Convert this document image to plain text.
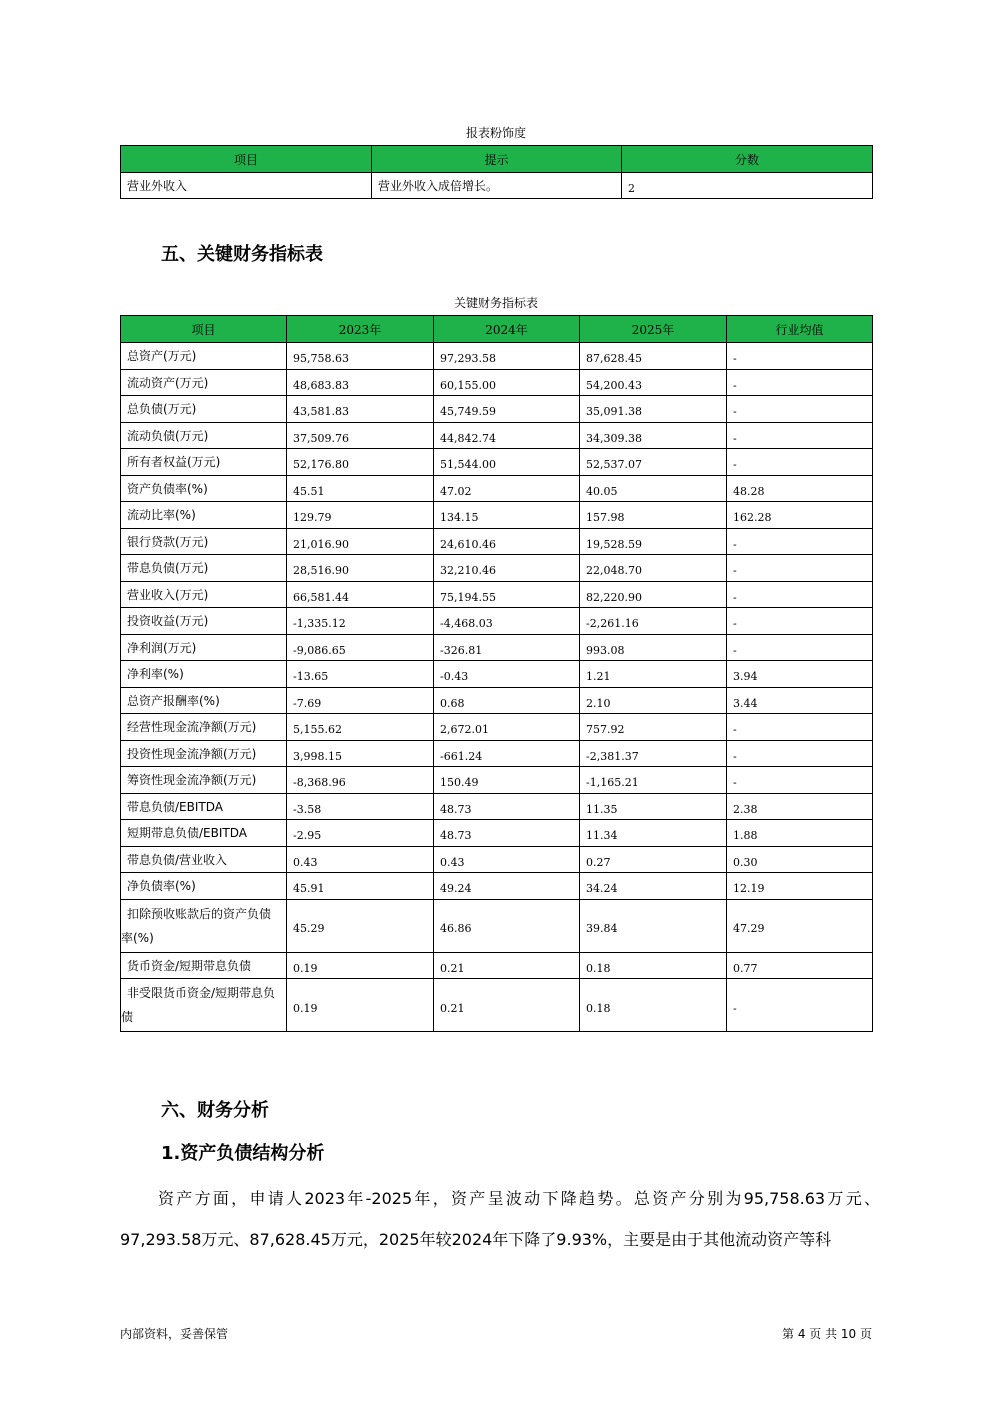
报表粉饰度
项目	提示	分数
营业外收入	营业外收入成倍增长。	2
五、关键财务指标表
关键财务指标表
项目	2023年	2024年	2025年	行业均值
总资产(万元)	95,758.63	97,293.58	87,628.45	-
流动资产(万元)	48,683.83	60,155.00	54,200.43	-
总负债(万元)	43,581.83	45,749.59	35,091.38	-
流动负债(万元)	37,509.76	44,842.74	34,309.38	-
所有者权益(万元)	52,176.80	51,544.00	52,537.07	-
资产负债率(%)	45.51	47.02	40.05	48.28
流动比率(%)	129.79	134.15	157.98	162.28
银行贷款(万元)	21,016.90	24,610.46	19,528.59	-
带息负债(万元)	28,516.90	32,210.46	22,048.70	-
营业收入(万元)	66,581.44	75,194.55	82,220.90	-
投资收益(万元)	-1,335.12	-4,468.03	-2,261.16	-
净利润(万元)	-9,086.65	-326.81	993.08	-
净利率(%)	-13.65	-0.43	1.21	3.94
总资产报酬率(%)	-7.69	0.68	2.10	3.44
经营性现金流净额(万元)	5,155.62	2,672.01	757.92	-
投资性现金流净额(万元)	3,998.15	-661.24	-2,381.37	-
筹资性现金流净额(万元)	-8,368.96	150.49	-1,165.21	-
带息负债/EBITDA	-3.58	48.73	11.35	2.38
短期带息负债/EBITDA	-2.95	48.73	11.34	1.88
带息负债/营业收入	0.43	0.43	0.27	0.30
净负债率(%)	45.91	49.24	34.24	12.19
扣除预收账款后的资产负债率(%)	45.29	46.86	39.84	47.29
货币资金/短期带息负债	0.19	0.21	0.18	0.77
非受限货币资金/短期带息负债	0.19	0.21	0.18	-
六、财务分析
1.资产负债结构分析

资产方面，申请人2023年-2025年，资产呈波动下降趋势。总资产分别为95,758.63万元、97,293.58万元、87,628.45万元，2025年较2024年下降了9.93%，主要是由于其他流动资产等科

内部资料，妥善保管	第 4 页 共 10 页
